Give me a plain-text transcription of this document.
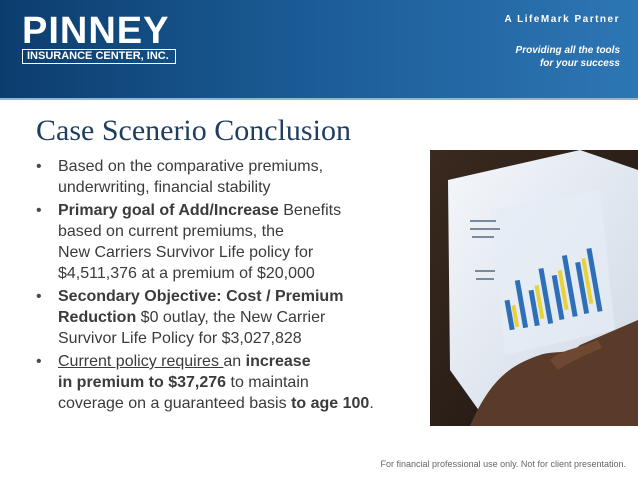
PINNEY
INSURANCE CENTER, INC.
A LifeMark Partner
Providing all the tools
for your success
Case Scenerio Conclusion
• Based on the comparative premiums,
underwriting, financial stability
• Primary goal of Add/Increase Benefits
based on current premiums, the
New Carriers Survivor Life policy for
$4,511,376 at a premium of $20,000
• Secondary Objective: Cost / Premium
Reduction $0 outlay, the New Carrier
Survivor Life Policy for $3,027,828
• Current policy requires an increase
in premium to $37,276 to maintain
coverage on a guaranteed basis to age 100.
For financial professional use only. Not for client presentation.
